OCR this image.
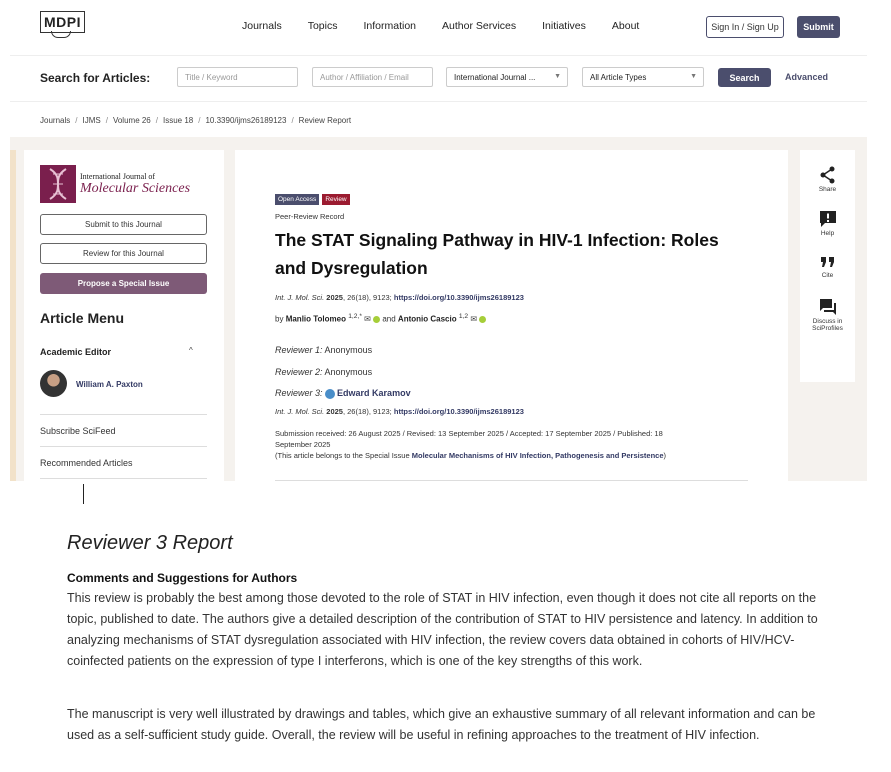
MDPI	Journals Topics Information Author Services Initiatives About	Sign In / Sign Up	Submit
Search for Articles:	Title / Keyword	Author / Affiliation / Email	International Journal ...	▼	All Article Types	▼	Search	Advanced
Journals / IJMS / Volume 26 / Issue 18 / 10.3390/ijms26189123 / Review Report
International Journal of
Molecular Sciences
Submit to this Journal
Review for this Journal
Propose a Special Issue
Article Menu
Academic Editor	^
William A. Paxton
Subscribe SciFeed
Recommended Articles
Open Access	Review
Peer-Review Record
The STAT Signaling Pathway in HIV-1 Infection: Roles and Dysregulation
Int. J. Mol. Sci. 2025, 26(18), 9123; https://doi.org/10.3390/ijms26189123
by Manlio Tolomeo $^{1,2,*}$ ✉ and Antonio Cascio $^{1,2}$ ✉
Reviewer 1: Anonymous
Reviewer 2: Anonymous
Reviewer 3: Edward Karamov
Int. J. Mol. Sci. 2025, 26(18), 9123; https://doi.org/10.3390/ijms26189123
Submission received: 26 August 2025 / Revised: 13 September 2025 / Accepted: 17 September 2025 / Published: 18 September 2025
(This article belongs to the Special Issue Molecular Mechanisms of HIV Infection, Pathogenesis and Persistence)
Share
Help
Cite
Discuss in SciProfiles
Reviewer 3 Report
Comments and Suggestions for Authors
This review is probably the best among those devoted to the role of STAT in HIV infection, even though it does not cite all reports on the topic, published to date. The authors give a detailed description of the contribution of STAT to HIV persistence and latency. In addition to analyzing mechanisms of STAT dysregulation associated with HIV infection, the review covers data obtained in cohorts of HIV/HCV-coinfected patients on the expression of type I interferons, which is one of the key strengths of this work.
The manuscript is very well illustrated by drawings and tables, which give an exhaustive summary of all relevant information and can be used as a self-sufficient study guide. Overall, the review will be useful in refining approaches to the treatment of HIV infection.
